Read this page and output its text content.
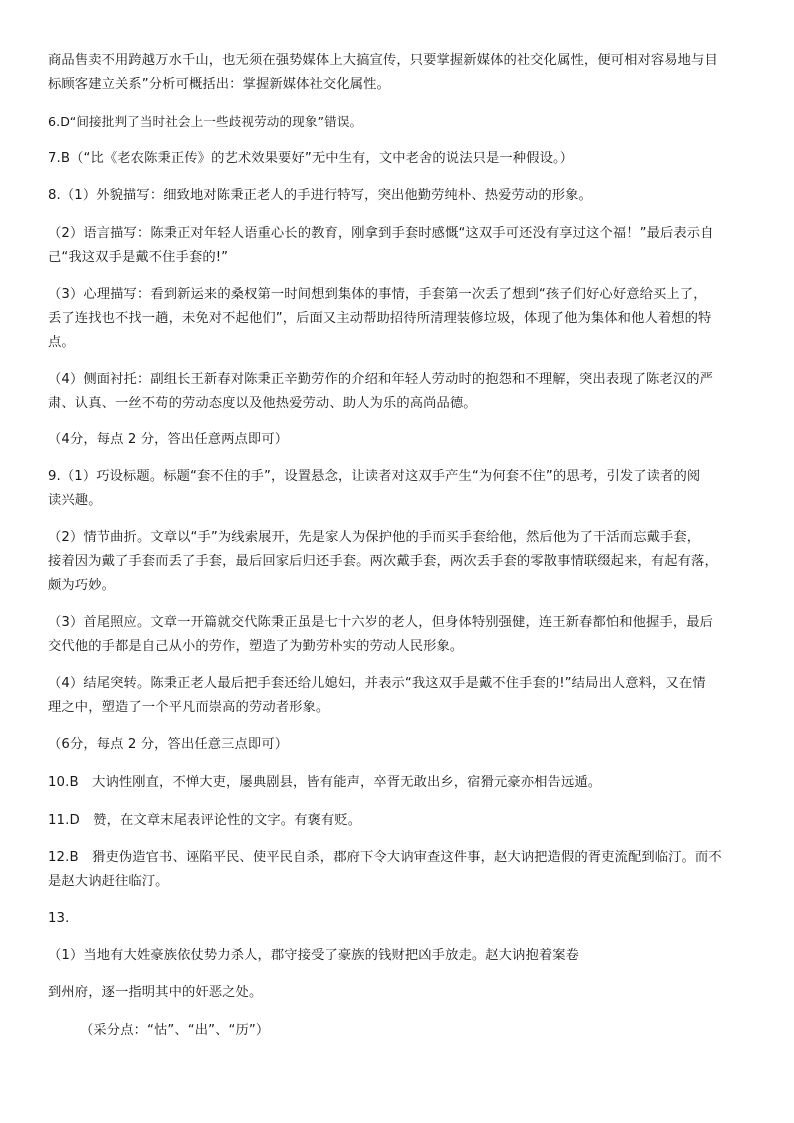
商品售卖不用跨越万水千山，也无须在强势媒体上大搞宣传，只要掌握新媒体的社交化属性，便可相对容易地与目
标顾客建立关系”分析可概括出：掌握新媒体社交化属性。
6.D“间接批判了当时社会上一些歧视劳动的现象”错误。
7.B（“比《老农陈秉正传》的艺术效果要好”无中生有，文中老舍的说法只是一种假设。）
8.（1）外貌描写：细致地对陈秉正老人的手进行特写，突出他勤劳纯朴、热爱劳动的形象。
（2）语言描写：陈秉正对年轻人语重心长的教育，刚拿到手套时感慨“这双手可还没有享过这个福！”最后表示自
己“我这双手是戴不住手套的!”
（3）心理描写：看到新运来的桑杈第一时间想到集体的事情，手套第一次丢了想到“孩子们好心好意给买上了，
丢了连找也不找一趟，未免对不起他们”，后面又主动帮助招待所清理装修垃圾，体现了他为集体和他人着想的特
点。
（4）侧面衬托：副组长王新春对陈秉正辛勤劳作的介绍和年轻人劳动时的抱怨和不理解，突出表现了陈老汉的严
肃、认真、一丝不苟的劳动态度以及他热爱劳动、助人为乐的高尚品德。
（4分，每点 2 分，答出任意两点即可）
9.（1）巧设标题。标题“套不住的手”，设置悬念，让读者对这双手产生“为何套不住”的思考，引发了读者的阅
读兴趣。
（2）情节曲折。文章以“手”为线索展开，先是家人为保护他的手而买手套给他，然后他为了干活而忘戴手套，
接着因为戴了手套而丢了手套，最后回家后归还手套。两次戴手套，两次丢手套的零散事情联缀起来，有起有落，
颇为巧妙。
（3）首尾照应。文章一开篇就交代陈秉正虽是七十六岁的老人，但身体特别强健，连王新春都怕和他握手，最后
交代他的手都是自己从小的劳作，塑造了为勤劳朴实的劳动人民形象。
（4）结尾突转。陈秉正老人最后把手套还给儿媳妇，并表示“我这双手是戴不住手套的!”结局出人意料，又在情
理之中，塑造了一个平凡而崇高的劳动者形象。
（6分，每点 2 分，答出任意三点即可）
10.B　大讷性刚直，不惮大吏，屡典剧县，皆有能声，卒胥无敢出乡，宿猾元豪亦相告远遁。
11.D　赞，在文章末尾表评论性的文字。有褒有贬。
12.B　猾吏伪造官书、诬陷平民、使平民自杀，郡府下令大讷审查这件事，赵大讷把造假的胥吏流配到临汀。而不
是赵大讷赶往临汀。
13.
（1）当地有大姓豪族依仗势力杀人，郡守接受了豪族的钱财把凶手放走。赵大讷抱着案卷
到州府，逐一指明其中的奸恶之处。
（采分点：“怙”、“出”、“历”）
